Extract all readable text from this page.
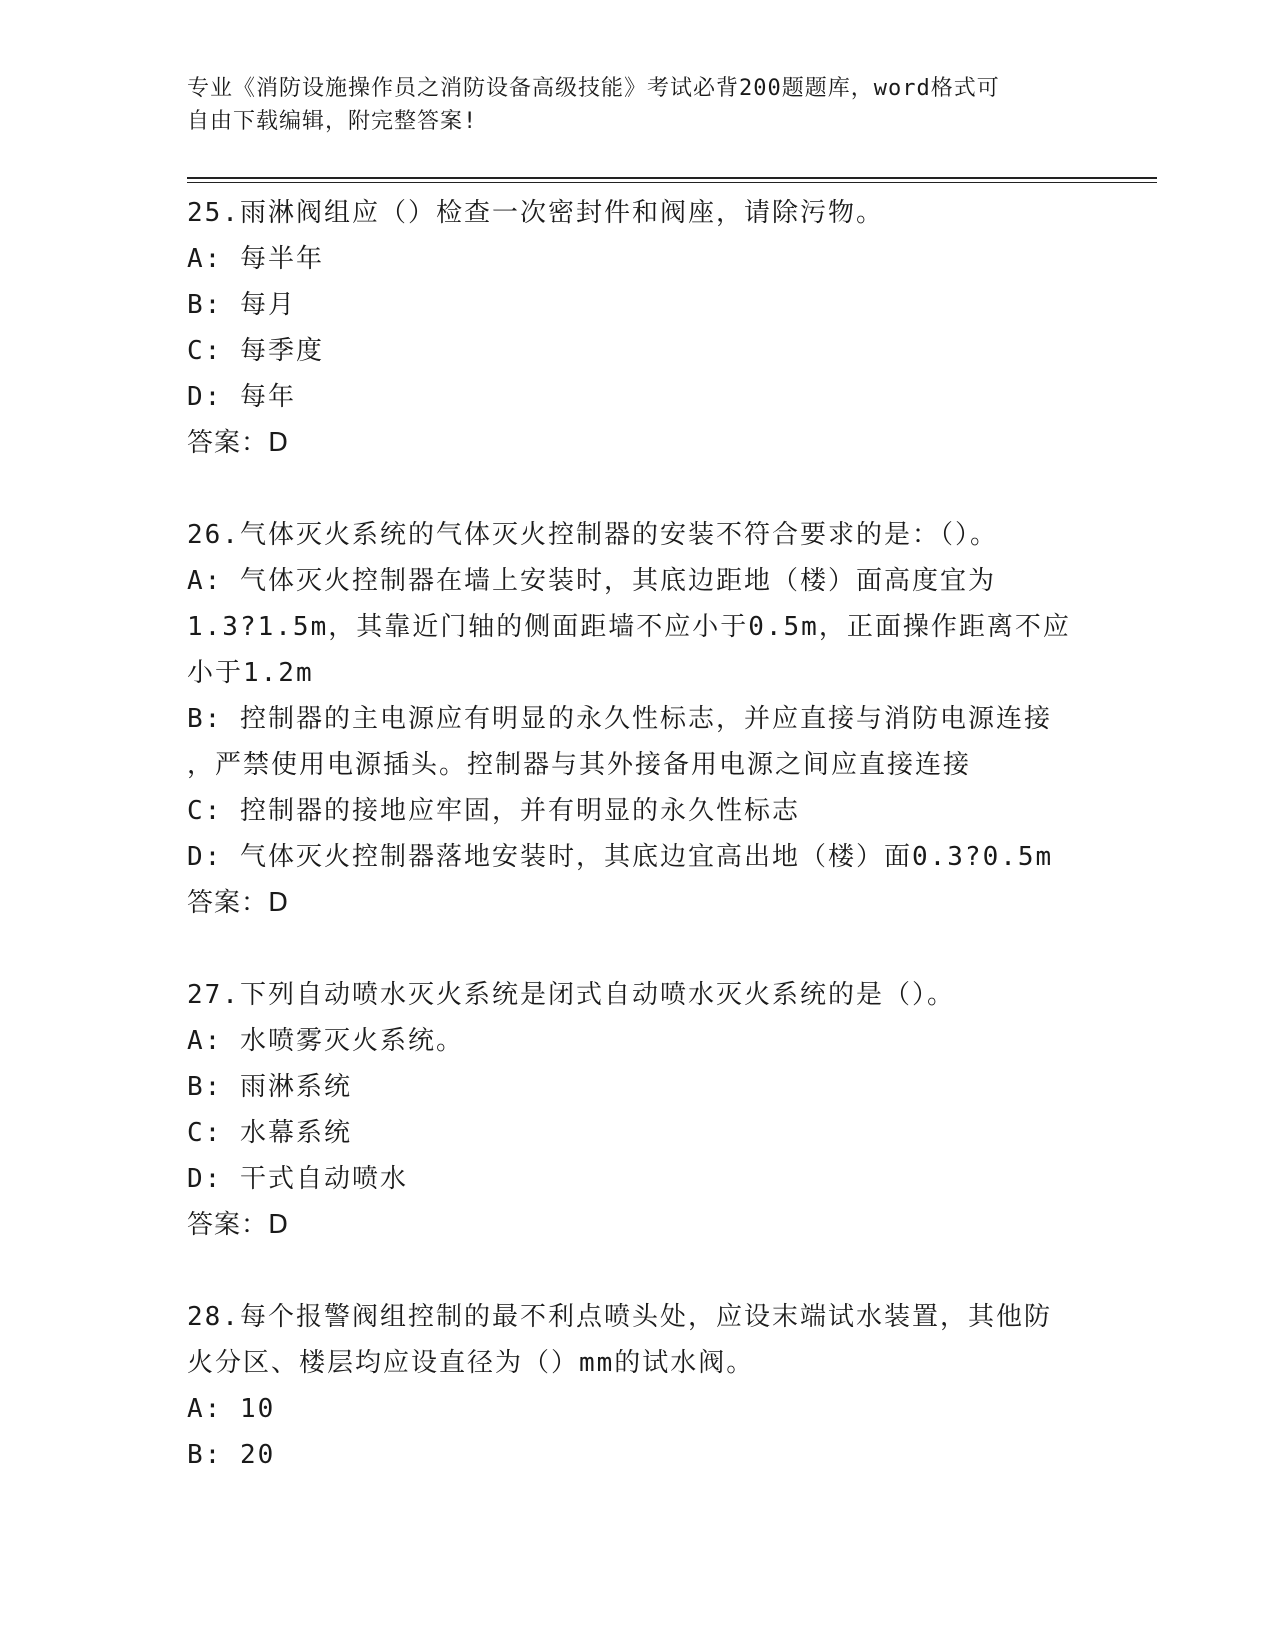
专业《消防设施操作员之消防设备高级技能》考试必背200题题库，word格式可
自由下载编辑，附完整答案!
25.雨淋阀组应（）检查一次密封件和阀座，请除污物。
A: 每半年
B: 每月
C: 每季度
D: 每年
答案：D
26.气体灭火系统的气体灭火控制器的安装不符合要求的是：（）。
A: 气体灭火控制器在墙上安装时，其底边距地（楼）面高度宜为
1.3?1.5m，其靠近门轴的侧面距墙不应小于0.5m，正面操作距离不应
小于1.2m
B: 控制器的主电源应有明显的永久性标志，并应直接与消防电源连接
，严禁使用电源插头。控制器与其外接备用电源之间应直接连接
C: 控制器的接地应牢固，并有明显的永久性标志
D: 气体灭火控制器落地安装时，其底边宜高出地（楼）面0.3?0.5m
答案：D
27.下列自动喷水灭火系统是闭式自动喷水灭火系统的是（）。
A: 水喷雾灭火系统。
B: 雨淋系统
C: 水幕系统
D: 干式自动喷水
答案：D
28.每个报警阀组控制的最不利点喷头处，应设末端试水装置，其他防
火分区、楼层均应设直径为（）mm的试水阀。
A: 10
B: 20
